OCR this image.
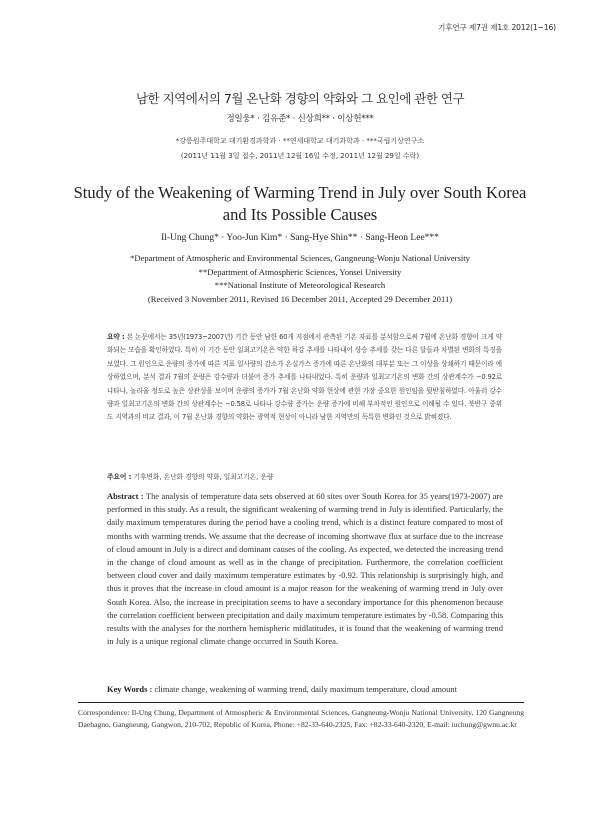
기후연구 제7권 제1호 2012(1~16)
남한 지역에서의 7월 온난화 경향의 약화와 그 요인에 관한 연구
정일웅* · 김유준* · 신상희** · 이상헌***
*강릉원주대학교 대기환경과학과 · **연세대학교 대기과학과 · ***국립기상연구소
(2011년 11월 3일 접수, 2011년 12월 16일 수정, 2011년 12월 29일 수락)
Study of the Weakening of Warming Trend in July over South Korea
and Its Possible Causes
Il-Ung Chung* · Yoo-Jun Kim* · Sang-Hye Shin** · Sang-Heon Lee***
*Department of Atmospheric and Environmental Sciences, Gangneung-Wonju National University
**Department of Atmospheric Sciences, Yonsei University
***National Institute of Meteorological Research
(Received 3 November 2011, Revised 16 December 2011, Accepted 29 December 2011)
요약 : 본 논문에서는 35년(1973~2007년) 기간 동안 남한 60개 지점에서 관측된 기온 자료를 분석함으로써 7월에 온난화 경향이 크게 약화되는 모습을 확인하였다. 특히 이 기간 동안 일최고기온은 약한 하강 추세를 나타내어 상승 추세를 갖는 다른 달들과 차별된 변화의 특징을 보였다. 그 원인으로 운량의 증가에 따른 지표 일사량의 감소가 온실가스 증가에 따른 온난화의 대부분 또는 그 이상을 상쇄하기 때문이라 예상하였으며, 분석 결과 7월의 운량은 강수량과 더불어 증가 추세를 나타내었다. 특히 운량과 일최고기온의 변화 간의 상관계수가 −0.92로 나타나, 놀라울 정도로 높은 상관성을 보이며 운량의 증가가 7월 온난화 약화 현상에 관한 가장 중요한 원인임을 뒷받침하였다. 아울러 강수량과 일최고기온의 변화 간의 상관계수는 −0.58로 나타나 강수량 증가는 운량 증가에 비해 부차적인 원인으로 이해될 수 있다. 북반구 중위도 지역과의 비교 결과, 이 7월 온난화 경향의 약화는 광역적 현상이 아니라 남한 지역만의 독특한 변화인 것으로 밝혀졌다.
주요어 : 기후변화, 온난화 경향의 약화, 일최고기온, 운량
Abstract : The analysis of temperature data sets observed at 60 sites over South Korea for 35 years(1973-2007) are performed in this study. As a result, the significant weakening of warming trend in July is identified. Particularly, the daily maximum temperatures during the period have a cooling trend, which is a distinct feature compared to most of months with warming trends. We assume that the decrease of incoming shortwave flux at surface due to the increase of cloud amount in July is a direct and dominant causes of the cooling. As expected, we detected the increasing trend in the change of cloud amount as well as in the change of precipitation. Furthermore, the correlation coefficient between cloud cover and daily maximum temperature estimates by -0.92. This relationship is surprisingly high, and thus it proves that the increase in cloud amount is a major reason for the weakening of warming trend in July over South Korea. Also, the increase in precipitation seems to have a secondary importance for this phenomenon because the correlation coefficient between precipitation and daily maximum temperature estimates by -0.58. Comparing this results with the analyses for the northern hemispheric midlatitudes, it is found that the weakening of warming trend in July is a unique regional climate change occurred in South Korea.
Key Words : climate change, weakening of warming trend, daily maximum temperature, cloud amount
Correspondence: Il-Ung Chung, Department of Atmospheric & Environmental Sciences, Gangneung-Wonju National University, 120 Gangneung Daehagno, Gangneung, Gangwon, 210-702, Republic of Korea, Phone: +82-33-640-2325, Fax: +82-33-640-2320, E-mail: iuchung@gwnu.ac.kr
